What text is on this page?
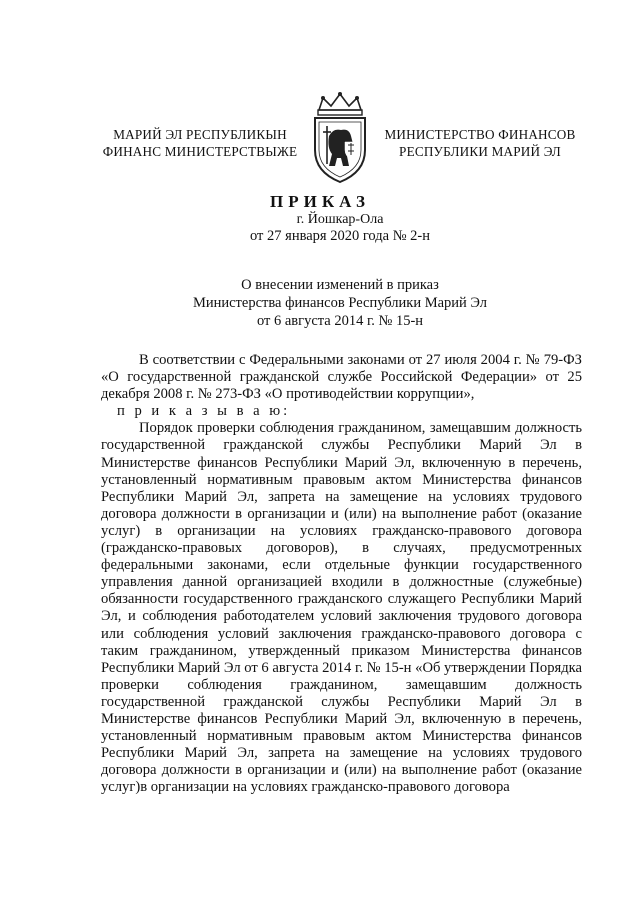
МАРИЙ ЭЛ РЕСПУБЛИКЫН
ФИНАНС МИНИСТЕРСТВЫЖЕ
МИНИСТЕРСТВО ФИНАНСОВ
РЕСПУБЛИКИ МАРИЙ ЭЛ
ПРИКАЗ
г. Йошкар-Ола
от 27 января 2020 года № 2-н
О внесении изменений в приказ
Министерства финансов Республики Марий Эл
от 6 августа 2014 г. № 15-н

В соответствии с Федеральными законами от 27 июля 2004 г. № 79-ФЗ «О государственной гражданской службе Российской Федерации» от 25 декабря 2008 г. № 273-ФЗ «О противодействии коррупции»,

п р и к а з ы в а ю:

Порядок проверки соблюдения гражданином, замещавшим должность государственной гражданской службы Республики Марий Эл в Министерстве финансов Республики Марий Эл, включенную в перечень, установленный нормативным правовым актом Министерства финансов Республики Марий Эл, запрета на замещение на условиях трудового договора должности в организации и (или) на выполнение работ (оказание услуг) в организации на условиях гражданско-правового договора (гражданско-правовых договоров), в случаях, предусмотренных федеральными законами, если отдельные функции государственного управления данной организацией входили в должностные (служебные) обязанности государственного гражданского служащего Республики Марий Эл, и соблюдения работодателем условий заключения трудового договора или соблюдения условий заключения гражданско-правового договора с таким гражданином, утвержденный приказом Министерства финансов Республики Марий Эл от 6 августа 2014 г. № 15-н «Об утверждении Порядка проверки соблюдения гражданином, замещавшим должность государственной гражданской службы Республики Марий Эл в Министерстве финансов Республики Марий Эл, включенную в перечень, установленный нормативным правовым актом Министерства финансов Республики Марий Эл, запрета на замещение на условиях трудового договора должности в организации и (или) на выполнение работ (оказание услуг)в организации на условиях гражданско-правового договора
